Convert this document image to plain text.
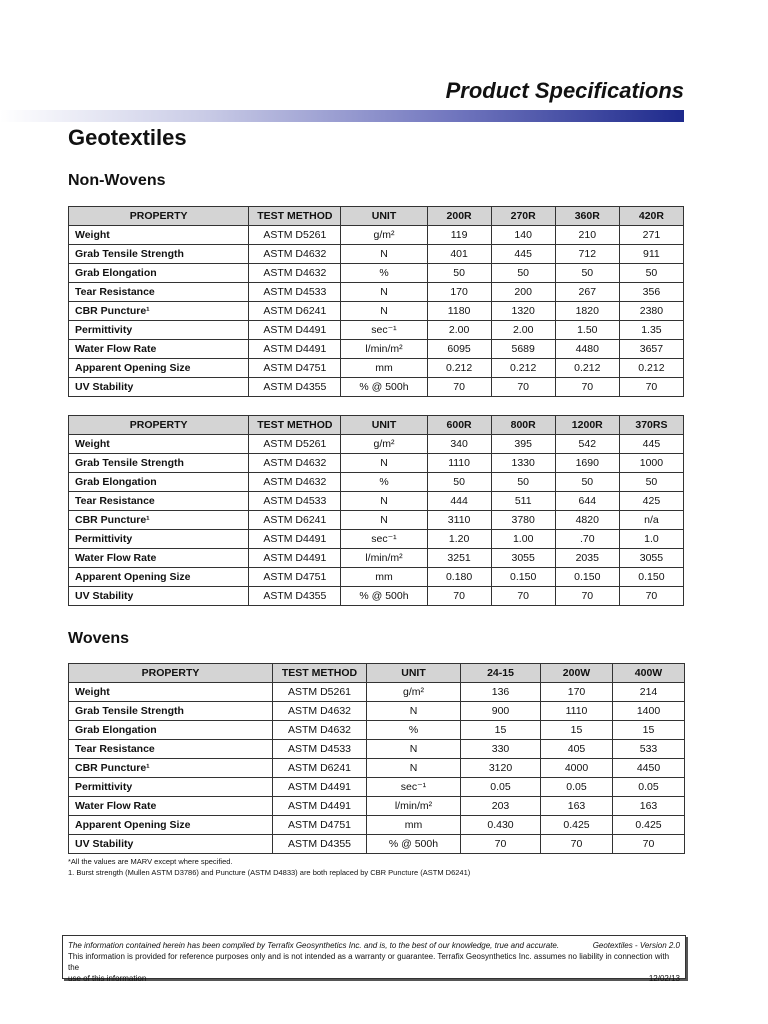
Product Specifications
Geotextiles
Non-Wovens
PROPERTY	TEST METHOD	UNIT	200R	270R	360R	420R
Weight	ASTM D5261	g/m²	119	140	210	271
Grab Tensile Strength	ASTM D4632	N	401	445	712	911
Grab Elongation	ASTM D4632	%	50	50	50	50
Tear Resistance	ASTM D4533	N	170	200	267	356
CBR Puncture¹	ASTM D6241	N	1180	1320	1820	2380
Permittivity	ASTM D4491	sec⁻¹	2.00	2.00	1.50	1.35
Water Flow Rate	ASTM D4491	l/min/m²	6095	5689	4480	3657
Apparent Opening Size	ASTM D4751	mm	0.212	0.212	0.212	0.212
UV Stability	ASTM D4355	% @ 500h	70	70	70	70
PROPERTY	TEST METHOD	UNIT	600R	800R	1200R	370RS
Weight	ASTM D5261	g/m²	340	395	542	445
Grab Tensile Strength	ASTM D4632	N	1110	1330	1690	1000
Grab Elongation	ASTM D4632	%	50	50	50	50
Tear Resistance	ASTM D4533	N	444	511	644	425
CBR Puncture¹	ASTM D6241	N	3110	3780	4820	n/a
Permittivity	ASTM D4491	sec⁻¹	1.20	1.00	.70	1.0
Water Flow Rate	ASTM D4491	l/min/m²	3251	3055	2035	3055
Apparent Opening Size	ASTM D4751	mm	0.180	0.150	0.150	0.150
UV Stability	ASTM D4355	% @ 500h	70	70	70	70
Wovens
PROPERTY	TEST METHOD	UNIT	24-15	200W	400W
Weight	ASTM D5261	g/m²	136	170	214
Grab Tensile Strength	ASTM D4632	N	900	1110	1400
Grab Elongation	ASTM D4632	%	15	15	15
Tear Resistance	ASTM D4533	N	330	405	533
CBR Puncture¹	ASTM D6241	N	3120	4000	4450
Permittivity	ASTM D4491	sec⁻¹	0.05	0.05	0.05
Water Flow Rate	ASTM D4491	l/min/m²	203	163	163
Apparent Opening Size	ASTM D4751	mm	0.430	0.425	0.425
UV Stability	ASTM D4355	% @ 500h	70	70	70
*All the values are MARV except where specified.
1. Burst strength (Mullen ASTM D3786) and Puncture (ASTM D4833) are both replaced by CBR Puncture (ASTM D6241)
The information contained herein has been compiled by Terrafix Geosynthetics Inc. and is, to the best of our knowledge, true and accurate.	Geotextiles - Version 2.0
This information is provided for reference purposes only and is not intended as a warranty or guarantee. Terrafix Geosynthetics Inc. assumes no liability in connection with the
use of this information	12/02/13
